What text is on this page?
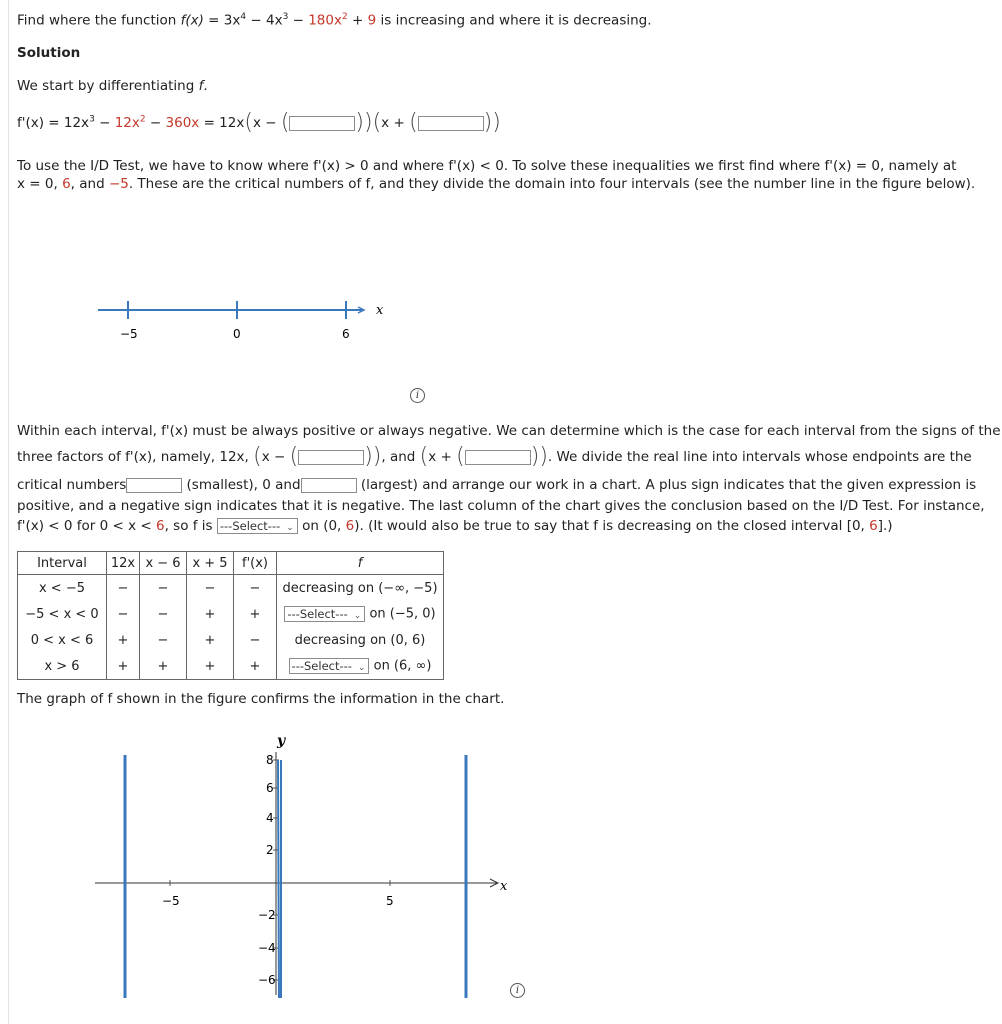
Find where the function $f(x) = 3x^4 - 4x^3 - 180x^2 + 9$ is increasing and where it is decreasing.
Solution
We start by differentiating f.
$f'(x) = 12x^3 - 12x^2 - 360x = 12x(x$ − (	))(x + (	))
To use the I/D Test, we have to know where f'(x) > 0 and where f'(x) < 0. To solve these inequalities we first find where f'(x) = 0, namely at
x = 0, 6, and −5. These are the critical numbers of f, and they divide the domain into four intervals (see the number line in the figure below).
−5	0	6
x
i
Within each interval, f'(x) must be always positive or always negative. We can determine which is the case for each interval from the signs of the
three factors of f'(x), namely, 12x, (x − (	)), and (x + (	)). We divide the real line into intervals whose endpoints are the
critical numbers	(smallest), 0 and	(largest) and arrange our work in a chart. A plus sign indicates that the given expression is
positive, and a negative sign indicates that it is negative. The last column of the chart gives the conclusion based on the I/D Test. For instance,
f'(x) < 0 for 0 < x < 6, so f is ---Select--- ⌄ on (0, 6). (It would also be true to say that f is decreasing on the closed interval [0, 6].)
Interval	12x	x − 6	x + 5	f'(x)	f
x < −5	−	−	−	−	decreasing on (−∞, −5)
−5 < x < 0	−	−	+	+	---Select--- ⌄ on (−5, 0)
0 < x < 6	+	−	+	−	decreasing on (0, 6)
x > 6	+	+	+	+	---Select--- ⌄ on (6, ∞)
The graph of f shown in the figure confirms the information in the chart.
y
x
8
6
4
2
−2
−4
−6
−5	5
i
